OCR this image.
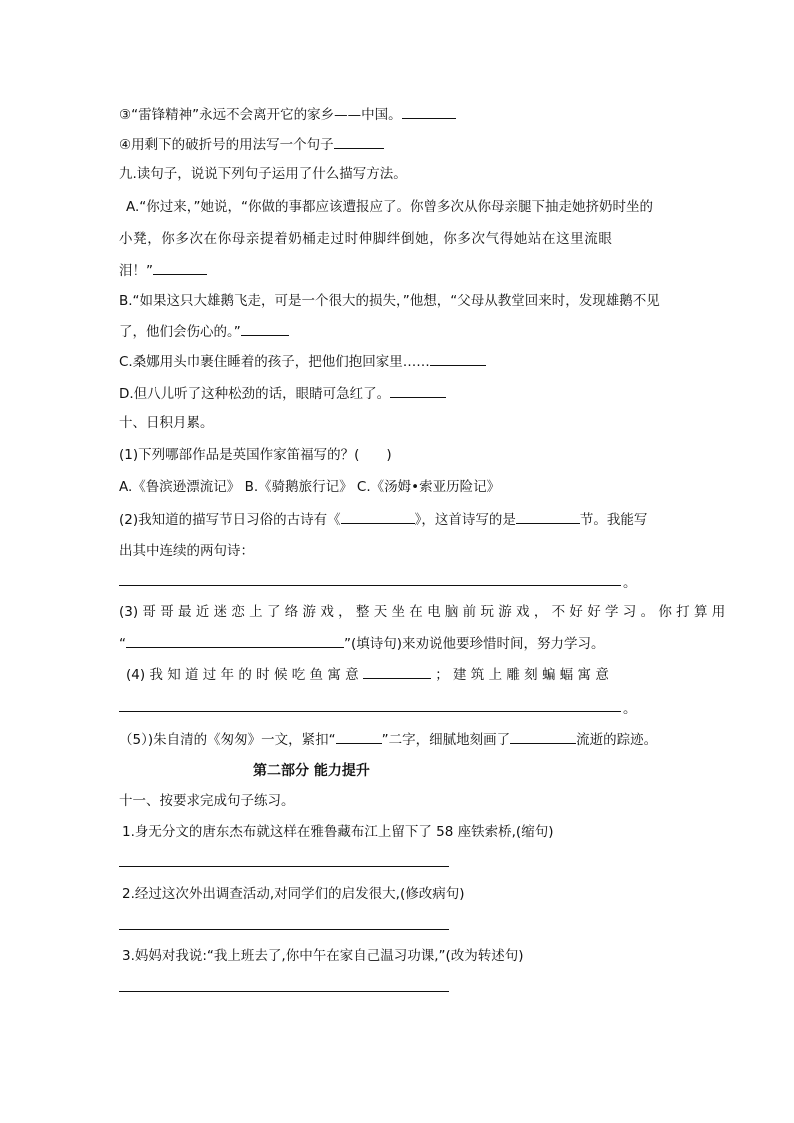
③“雷锋精神”永远不会离开它的家乡——中国。
④用剩下的破折号的用法写一个句子
九.读句子，说说下列句子运用了什么描写方法。
A.“你过来，”她说，“你做的事都应该遭报应了。你曾多次从你母亲腿下抽走她挤奶时坐的
小凳，你多次在你母亲提着奶桶走过时伸脚绊倒她，你多次气得她站在这里流眼
泪！”
B.“如果这只大雄鹅飞走，可是一个很大的损失，”他想，“父母从教堂回来时，发现雄鹅不见
了，他们会伤心的。”
C.桑娜用头巾裹住睡着的孩子，把他们抱回家里……
D.但八儿听了这种松劲的话，眼睛可急红了。
十、日积月累。
(1)下列哪部作品是英国作家笛福写的？(　　)
A.《鲁滨逊漂流记》 B.《骑鹅旅行记》 C.《汤姆•索亚历险记》
(2)我知道的描写节日习俗的古诗有《	》，这首诗写的是	节。我能写
出其中连续的两句诗：
。
(3) 哥 哥 最 近 迷 恋 上 了 络 游 戏 ， 整 天 坐 在 电 脑 前 玩 游 戏 ， 不 好 好 学 习 。 你 打 算 用
“	”(填诗句)来劝说他要珍惜时间，努力学习。
(4) 我 知 道 过 年 的 时 候 吃 鱼 寓 意	； 建 筑 上 雕 刻 蝙 蝠 寓 意
。
（5）)朱自清的《匆匆》一文，紧扣“	”二字，细腻地刻画了	流逝的踪迹。
第二部分 能力提升
十一、按要求完成句子练习。
1.身无分文的唐东杰布就这样在雅鲁藏布江上留下了 58 座铁索桥,(缩句)
2.经过这次外出调查活动,对同学们的启发很大,(修改病句)
3.妈妈对我说:“我上班去了,你中午在家自己温习功课,”(改为转述句)
